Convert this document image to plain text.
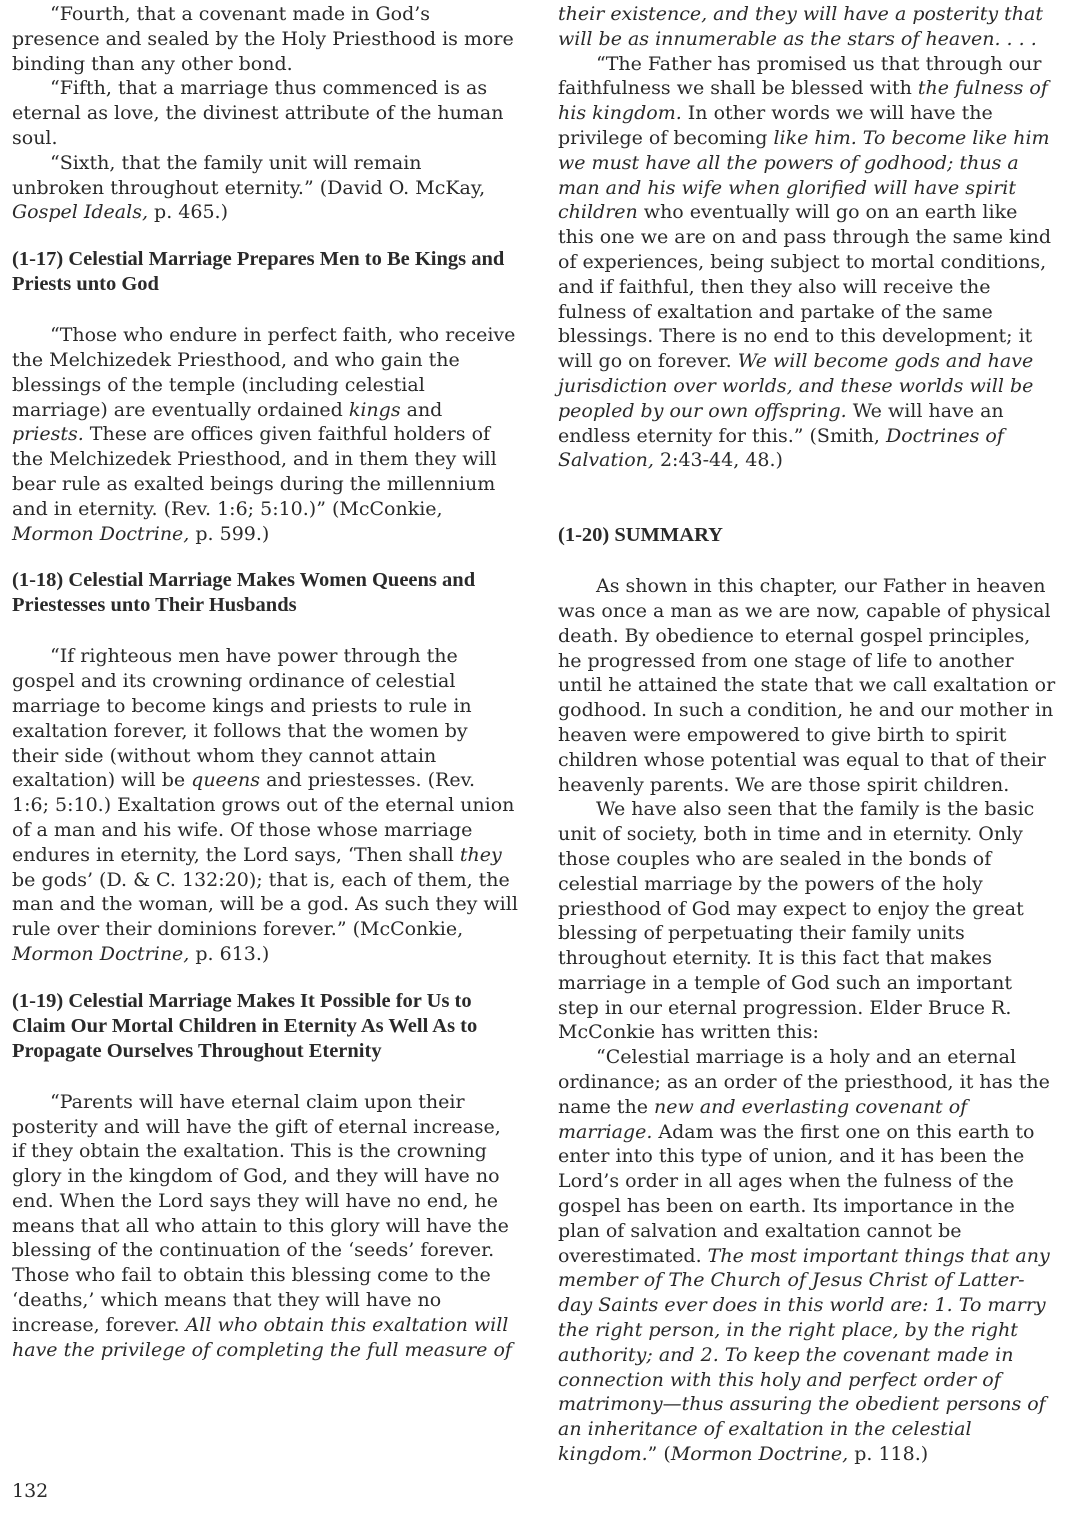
“Fourth, that a covenant made in God’s presence and sealed by the Holy Priesthood is more binding than any other bond.

“Fifth, that a marriage thus commenced is as eternal as love, the divinest attribute of the human soul.

“Sixth, that the family unit will remain unbroken throughout eternity.” (David O. McKay, Gospel Ideals, p. 465.)

(1-17) Celestial Marriage Prepares Men to Be Kings and Priests unto God

“Those who endure in perfect faith, who receive the Melchizedek Priesthood, and who gain the blessings of the temple (including celestial marriage) are eventually ordained kings and priests. These are offices given faithful holders of the Melchizedek Priesthood, and in them they will bear rule as exalted beings during the millennium and in eternity. (Rev. 1:6; 5:10.)” (McConkie, Mormon Doctrine, p. 599.)

(1-18) Celestial Marriage Makes Women Queens and Priestesses unto Their Husbands

“If righteous men have power through the gospel and its crowning ordinance of celestial marriage to become kings and priests to rule in exaltation forever, it follows that the women by their side (without whom they cannot attain exaltation) will be queens and priestesses. (Rev. 1:6; 5:10.) Exaltation grows out of the eternal union of a man and his wife. Of those whose marriage endures in eternity, the Lord says, ‘Then shall they be gods’ (D. & C. 132:20); that is, each of them, the man and the woman, will be a god. As such they will rule over their dominions forever.” (McConkie, Mormon Doctrine, p. 613.)

(1-19) Celestial Marriage Makes It Possible for Us to Claim Our Mortal Children in Eternity As Well As to Propagate Ourselves Throughout Eternity

“Parents will have eternal claim upon their posterity and will have the gift of eternal increase, if they obtain the exaltation. This is the crowning glory in the kingdom of God, and they will have no end. When the Lord says they will have no end, he means that all who attain to this glory will have the blessing of the continuation of the ‘seeds’ forever. Those who fail to obtain this blessing come to the ‘deaths,’ which means that they will have no increase, forever. All who obtain this exaltation will have the privilege of completing the full measure of

their existence, and they will have a posterity that will be as innumerable as the stars of heaven. . . .

“The Father has promised us that through our faithfulness we shall be blessed with the fulness of his kingdom. In other words we will have the privilege of becoming like him. To become like him we must have all the powers of godhood; thus a man and his wife when glorified will have spirit children who eventually will go on an earth like this one we are on and pass through the same kind of experiences, being subject to mortal conditions, and if faithful, then they also will receive the fulness of exaltation and partake of the same blessings. There is no end to this development; it will go on forever. We will become gods and have jurisdiction over worlds, and these worlds will be peopled by our own offspring. We will have an endless eternity for this.” (Smith, Doctrines of Salvation, 2:43-44, 48.)

(1-20) SUMMARY

As shown in this chapter, our Father in heaven was once a man as we are now, capable of physical death. By obedience to eternal gospel principles, he progressed from one stage of life to another until he attained the state that we call exaltation or godhood. In such a condition, he and our mother in heaven were empowered to give birth to spirit children whose potential was equal to that of their heavenly parents. We are those spirit children.

We have also seen that the family is the basic unit of society, both in time and in eternity. Only those couples who are sealed in the bonds of celestial marriage by the powers of the holy priesthood of God may expect to enjoy the great blessing of perpetuating their family units throughout eternity. It is this fact that makes marriage in a temple of God such an important step in our eternal progression. Elder Bruce R. McConkie has written this:

“Celestial marriage is a holy and an eternal ordinance; as an order of the priesthood, it has the name the new and everlasting covenant of marriage. Adam was the first one on this earth to enter into this type of union, and it has been the Lord’s order in all ages when the fulness of the gospel has been on earth. Its importance in the plan of salvation and exaltation cannot be overestimated. The most important things that any member of The Church of Jesus Christ of Latter-day Saints ever does in this world are: 1. To marry the right person, in the right place, by the right authority; and 2. To keep the covenant made in connection with this holy and perfect order of matrimony—thus assuring the obedient persons of an inheritance of exaltation in the celestial kingdom.” (Mormon Doctrine, p. 118.)

132
